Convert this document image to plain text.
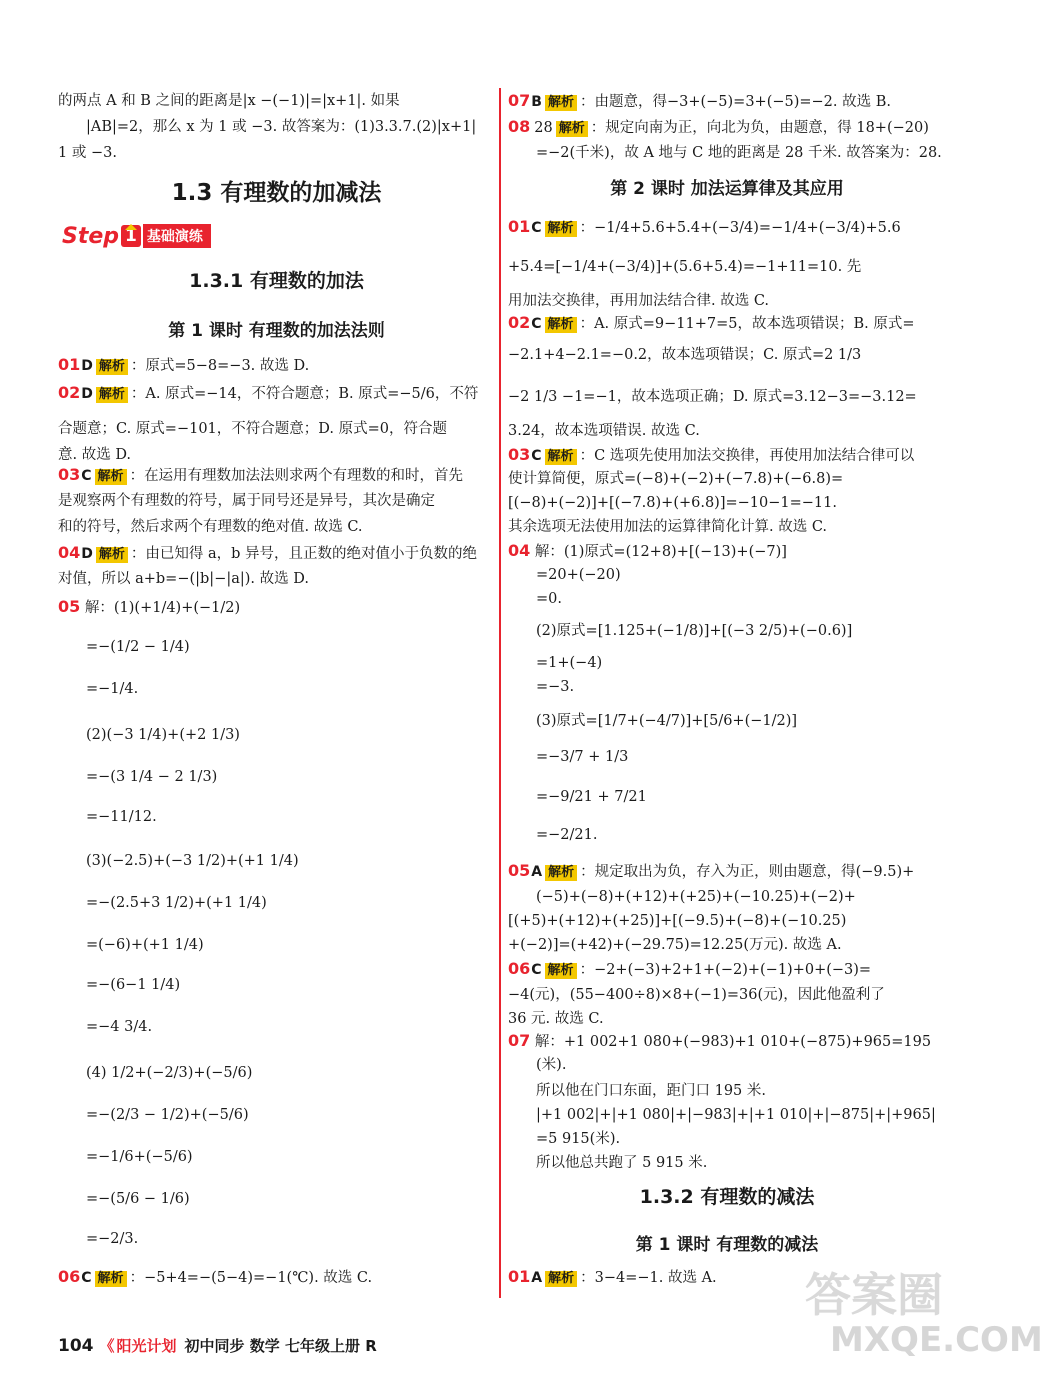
的两点 A 和 B 之间的距离是|x −(−1)|=|x+1|. 如果
|AB|=2，那么 x 为 1 或 −3. 故答案为：(1)3.3.7.(2)|x+1|
1 或 −3.
01D 解析 ：原式=5−8=−3. 故选 D.
02D 解析 ：A. 原式=−14，不符合题意；B. 原式=−5/6，不符
合题意；C. 原式=−101，不符合题意；D. 原式=0，符合题
意. 故选 D.
03C 解析 ：在运用有理数加法法则求两个有理数的和时，首先
是观察两个有理数的符号，属于同号还是异号，其次是确定
和的符号，然后求两个有理数的绝对值. 故选 C.
04D 解析 ：由已知得 a，b 异号，且正数的绝对值小于负数的绝
对值，所以 a+b=−(|b|−|a|). 故选 D.
05 解：(1)(+1/4)+(−1/2)
=−(1/2 − 1/4)
=−1/4.
(2)(−3 1/4)+(+2 1/3)
=−(3 1/4 − 2 1/3)
=−11/12.
(3)(−2.5)+(−3 1/2)+(+1 1/4)
=−(2.5+3 1/2)+(+1 1/4)
=(−6)+(+1 1/4)
=−(6−1 1/4)
=−4 3/4.
(4) 1/2+(−2/3)+(−5/6)
=−(2/3 − 1/2)+(−5/6)
=−1/6+(−5/6)
=−(5/6 − 1/6)
=−2/3.
06C 解析 ：−5+4=−(5−4)=−1(℃). 故选 C.
07B 解析 ：由题意，得−3+(−5)=3+(−5)=−2. 故选 B.
08 28 解析 ：规定向南为正，向北为负，由题意，得 18+(−20)
=−2(千米)，故 A 地与 C 地的距离是 28 千米. 故答案为：28.
01C 解析 ：−1/4+5.6+5.4+(−3/4)=−1/4+(−3/4)+5.6
+5.4=[−1/4+(−3/4)]+(5.6+5.4)=−1+11=10. 先
用加法交换律，再用加法结合律. 故选 C.
02C 解析 ：A. 原式=9−11+7=5，故本选项错误；B. 原式=
−2.1+4−2.1=−0.2，故本选项错误；C. 原式=2 1/3
−2 1/3 −1=−1，故本选项正确；D. 原式=3.12−3=−3.12=
3.24，故本选项错误. 故选 C.
03C 解析 ：C 选项先使用加法交换律，再使用加法结合律可以
使计算简便，原式=(−8)+(−2)+(−7.8)+(−6.8)=
[(−8)+(−2)]+[(−7.8)+(+6.8)]=−10−1=−11.
其余选项无法使用加法的运算律简化计算. 故选 C.
04 解：(1)原式=(12+8)+[(−13)+(−7)]
=20+(−20)
=0.
(2)原式=[1.125+(−1/8)]+[(−3 2/5)+(−0.6)]
=1+(−4)
=−3.
(3)原式=[1/7+(−4/7)]+[5/6+(−1/2)]
=−3/7 + 1/3
=−9/21 + 7/21
=−2/21.
05A 解析 ：规定取出为负，存入为正，则由题意，得(−9.5)+
(−5)+(−8)+(+12)+(+25)+(−10.25)+(−2)+
[(+5)+(+12)+(+25)]+[(−9.5)+(−8)+(−10.25)
+(−2)]=(+42)+(−29.75)=12.25(万元). 故选 A.
06C 解析 ：−2+(−3)+2+1+(−2)+(−1)+0+(−3)=
−4(元)，(55−400÷8)×8+(−1)=36(元)，因此他盈利了
36 元. 故选 C.
07 解：+1 002+1 080+(−983)+1 010+(−875)+965=195
(米).
所以他在门口东面，距门口 195 米.
|+1 002|+|+1 080|+|−983|+|+1 010|+|−875|+|+965|
=5 915(米).
所以他总共跑了 5 915 米.
01A 解析 ：3−4=−1. 故选 A.
1.3 有理数的加减法
Step 1 基础演练
1.3.1 有理数的加法
第 1 课时 有理数的加法法则
第 2 课时 加法运算律及其应用
1.3.2 有理数的减法
第 1 课时 有理数的减法
104 《 阳光计划 初中同步 数学 七年级上册 R
答案圈
MXQE.COM
